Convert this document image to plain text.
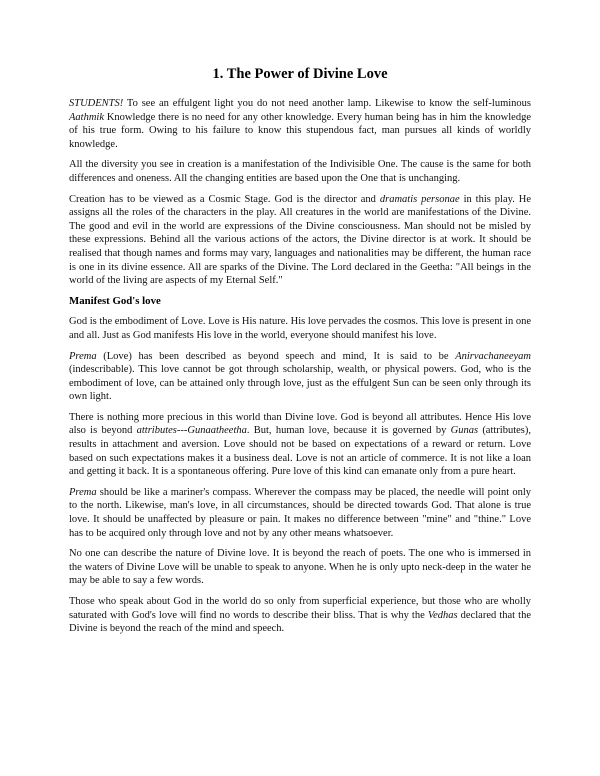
1. The Power of Divine Love

STUDENTS! To see an effulgent light you do not need another lamp. Likewise to know the self-luminous Aathmik Knowledge there is no need for any other knowledge. Every human being has in him the knowledge of his true form. Owing to his failure to know this stupendous fact, man pursues all kinds of worldly knowledge.

All the diversity you see in creation is a manifestation of the Indivisible One. The cause is the same for both differences and oneness. All the changing entities are based upon the One that is unchanging.

Creation has to be viewed as a Cosmic Stage. God is the director and dramatis personae in this play. He assigns all the roles of the characters in the play. All creatures in the world are manifestations of the Divine. The good and evil in the world are expressions of the Divine consciousness. Man should not be misled by these expressions. Behind all the various actions of the actors, the Divine director is at work. It should be realised that though names and forms may vary, languages and nationalities may be different, the human race is one in its divine essence. All are sparks of the Divine. The Lord declared in the Geetha: "All beings in the world of the living are aspects of my Eternal Self."

Manifest God's love

God is the embodiment of Love. Love is His nature. His love pervades the cosmos. This love is present in one and all. Just as God manifests His love in the world, everyone should manifest his love.

Prema (Love) has been described as beyond speech and mind, It is said to be Anirvachaneeyam (indescribable). This love cannot be got through scholarship, wealth, or physical powers. God, who is the embodiment of love, can be attained only through love, just as the effulgent Sun can be seen only through its own light.

There is nothing more precious in this world than Divine love. God is beyond all attributes. Hence His love also is beyond attributes---Gunaatheetha. But, human love, because it is governed by Gunas (attributes), results in attachment and aversion. Love should not be based on expectations of a reward or return. Love based on such expectations makes it a business deal. Love is not an article of commerce. It is not like a loan and getting it back. It is a spontaneous offering. Pure love of this kind can emanate only from a pure heart.

Prema should be like a mariner's compass. Wherever the compass may be placed, the needle will point only to the north. Likewise, man's love, in all circumstances, should be directed towards God. That alone is true love. It should be unaffected by pleasure or pain. It makes no difference between "mine" and "thine." Love has to be acquired only through love and not by any other means whatsoever.

No one can describe the nature of Divine love. It is beyond the reach of poets. The one who is immersed in the waters of Divine Love will be unable to speak to anyone. When he is only upto neck-deep in the water he may be able to say a few words.

Those who speak about God in the world do so only from superficial experience, but those who are wholly saturated with God's love will find no words to describe their bliss. That is why the Vedhas declared that the Divine is beyond the reach of the mind and speech.
